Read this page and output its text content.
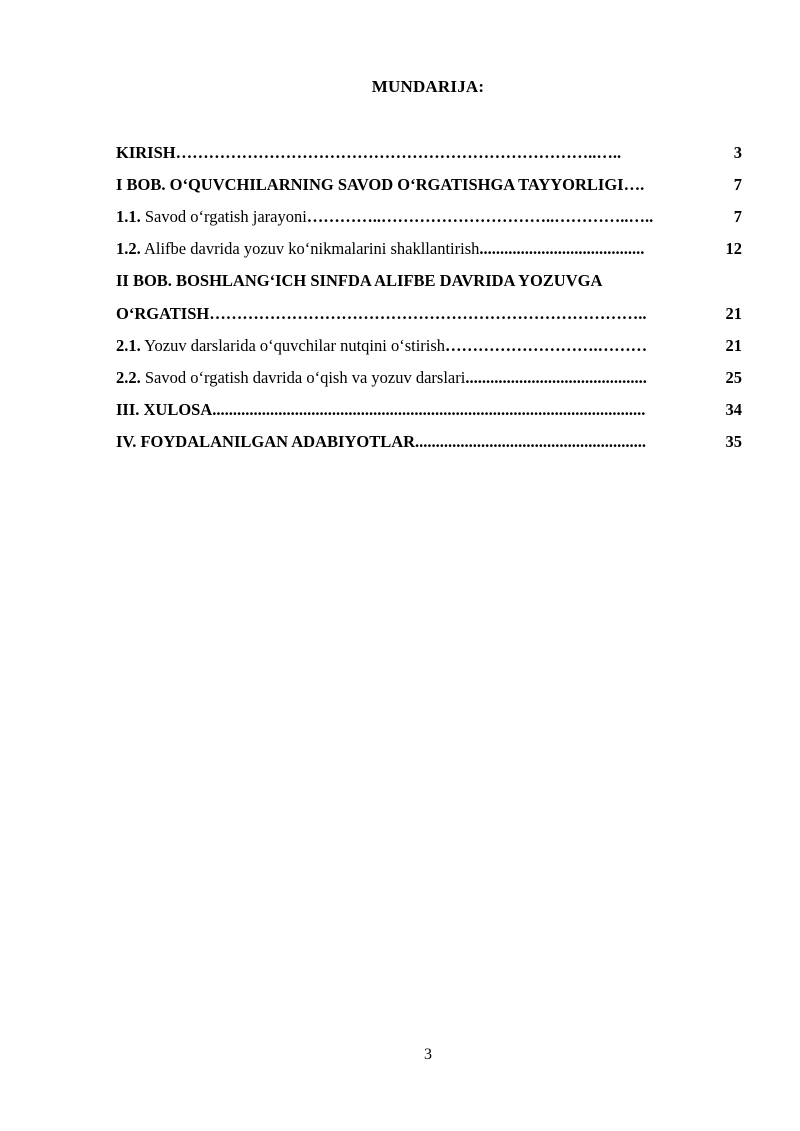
MUNDARIJA:
KIRISH…………………………………………………………………..…..	3
I BOB. O‘QUVCHILARNING SAVOD O‘RGATISHGA TAYYORLIGI….	7
1.1. Savod o‘rgatish jarayoni…………..…………………………..…………..…..	7
1.2. Alifbe davrida yozuv ko‘nikmalarini shakllantirish........................................	12
II BOB. BOSHLANG‘ICH SINFDA ALIFBE DAVRIDA YOZUVGA
O‘RGATISH……………………………………………………………………..	21
2.1. Yozuv darslarida o‘quvchilar nutqini o‘stirish……………………….………	21
2.2. Savod o‘rgatish davrida o‘qish va yozuv darslari............................................	25
III. XULOSA.........................................................................................................	34
IV. FOYDALANILGAN ADABIYOTLAR........................................................	35
3
